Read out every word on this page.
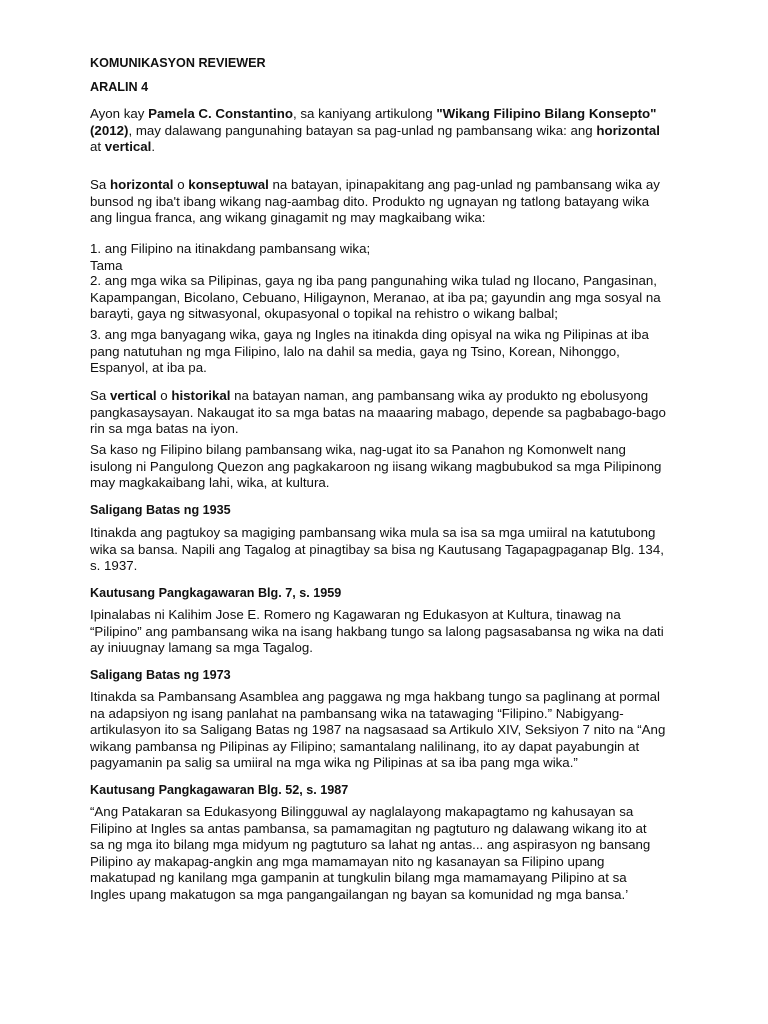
KOMUNIKASYON REVIEWER

ARALIN 4

Ayon kay Pamela C. Constantino, sa kaniyang artikulong "Wikang Filipino Bilang Konsepto"
(2012), may dalawang pangunahing batayan sa pag-unlad ng pambansang wika: ang horizontal
at vertical.

Sa horizontal o konseptuwal na batayan, ipinapakitang ang pag-unlad ng pambansang wika ay
bunsod ng iba't ibang wikang nag-aambag dito. Produkto ng ugnayan ng tatlong batayang wika
ang lingua franca, ang wikang ginagamit ng may magkaibang wika:

1. ang Filipino na itinakdang pambansang wika;
Tama

2. ang mga wika sa Pilipinas, gaya ng iba pang pangunahing wika tulad ng Ilocano, Pangasinan,
Kapampangan, Bicolano, Cebuano, Hiligaynon, Meranao, at iba pa; gayundin ang mga sosyal na
barayti, gaya ng sitwasyonal, okupasyonal o topikal na rehistro o wikang balbal;

3. ang mga banyagang wika, gaya ng Ingles na itinakda ding opisyal na wika ng Pilipinas at iba
pang natutuhan ng mga Filipino, lalo na dahil sa media, gaya ng Tsino, Korean, Nihonggo,
Espanyol, at iba pa.

Sa vertical o historikal na batayan naman, ang pambansang wika ay produkto ng ebolusyong
pangkasaysayan. Nakaugat ito sa mga batas na maaaring mabago, depende sa pagbabago-bago
rin sa mga batas na iyon.

Sa kaso ng Filipino bilang pambansang wika, nag-ugat ito sa Panahon ng Komonwelt nang
isulong ni Pangulong Quezon ang pagkakaroon ng iisang wikang magbubukod sa mga Pilipinong
may magkakaibang lahi, wika, at kultura.

Saligang Batas ng 1935

Itinakda ang pagtukoy sa magiging pambansang wika mula sa isa sa mga umiiral na katutubong
wika sa bansa. Napili ang Tagalog at pinagtibay sa bisa ng Kautusang Tagapagpaganap Blg. 134,
s. 1937.

Kautusang Pangkagawaran Blg. 7, s. 1959

Ipinalabas ni Kalihim Jose E. Romero ng Kagawaran ng Edukasyon at Kultura, tinawag na
“Pilipino” ang pambansang wika na isang hakbang tungo sa lalong pagsasabansa ng wika na dati
ay iniuugnay lamang sa mga Tagalog.

Saligang Batas ng 1973

Itinakda sa Pambansang Asamblea ang paggawa ng mga hakbang tungo sa paglinang at pormal
na adapsiyon ng isang panlahat na pambansang wika na tatawaging “Filipino.” Nabigyang-
artikulasyon ito sa Saligang Batas ng 1987 na nagsasaad sa Artikulo XIV, Seksiyon 7 nito na “Ang
wikang pambansa ng Pilipinas ay Filipino; samantalang nalilinang, ito ay dapat payabungin at
pagyamanin pa salig sa umiiral na mga wika ng Pilipinas at sa iba pang mga wika.”

Kautusang Pangkagawaran Blg. 52, s. 1987

“Ang Patakaran sa Edukasyong Bilingguwal ay naglalayong makapagtamo ng kahusayan sa
Filipino at Ingles sa antas pambansa, sa pamamagitan ng pagtuturo ng dalawang wikang ito at
sa ng mga ito bilang mga midyum ng pagtuturo sa lahat ng antas... ang aspirasyon ng bansang
Pilipino ay makapag-angkin ang mga mamamayan nito ng kasanayan sa Filipino upang
makatupad ng kanilang mga gampanin at tungkulin bilang mga mamamayang Pilipino at sa
Ingles upang makatugon sa mga pangangailangan ng bayan sa komunidad ng mga bansa.’
